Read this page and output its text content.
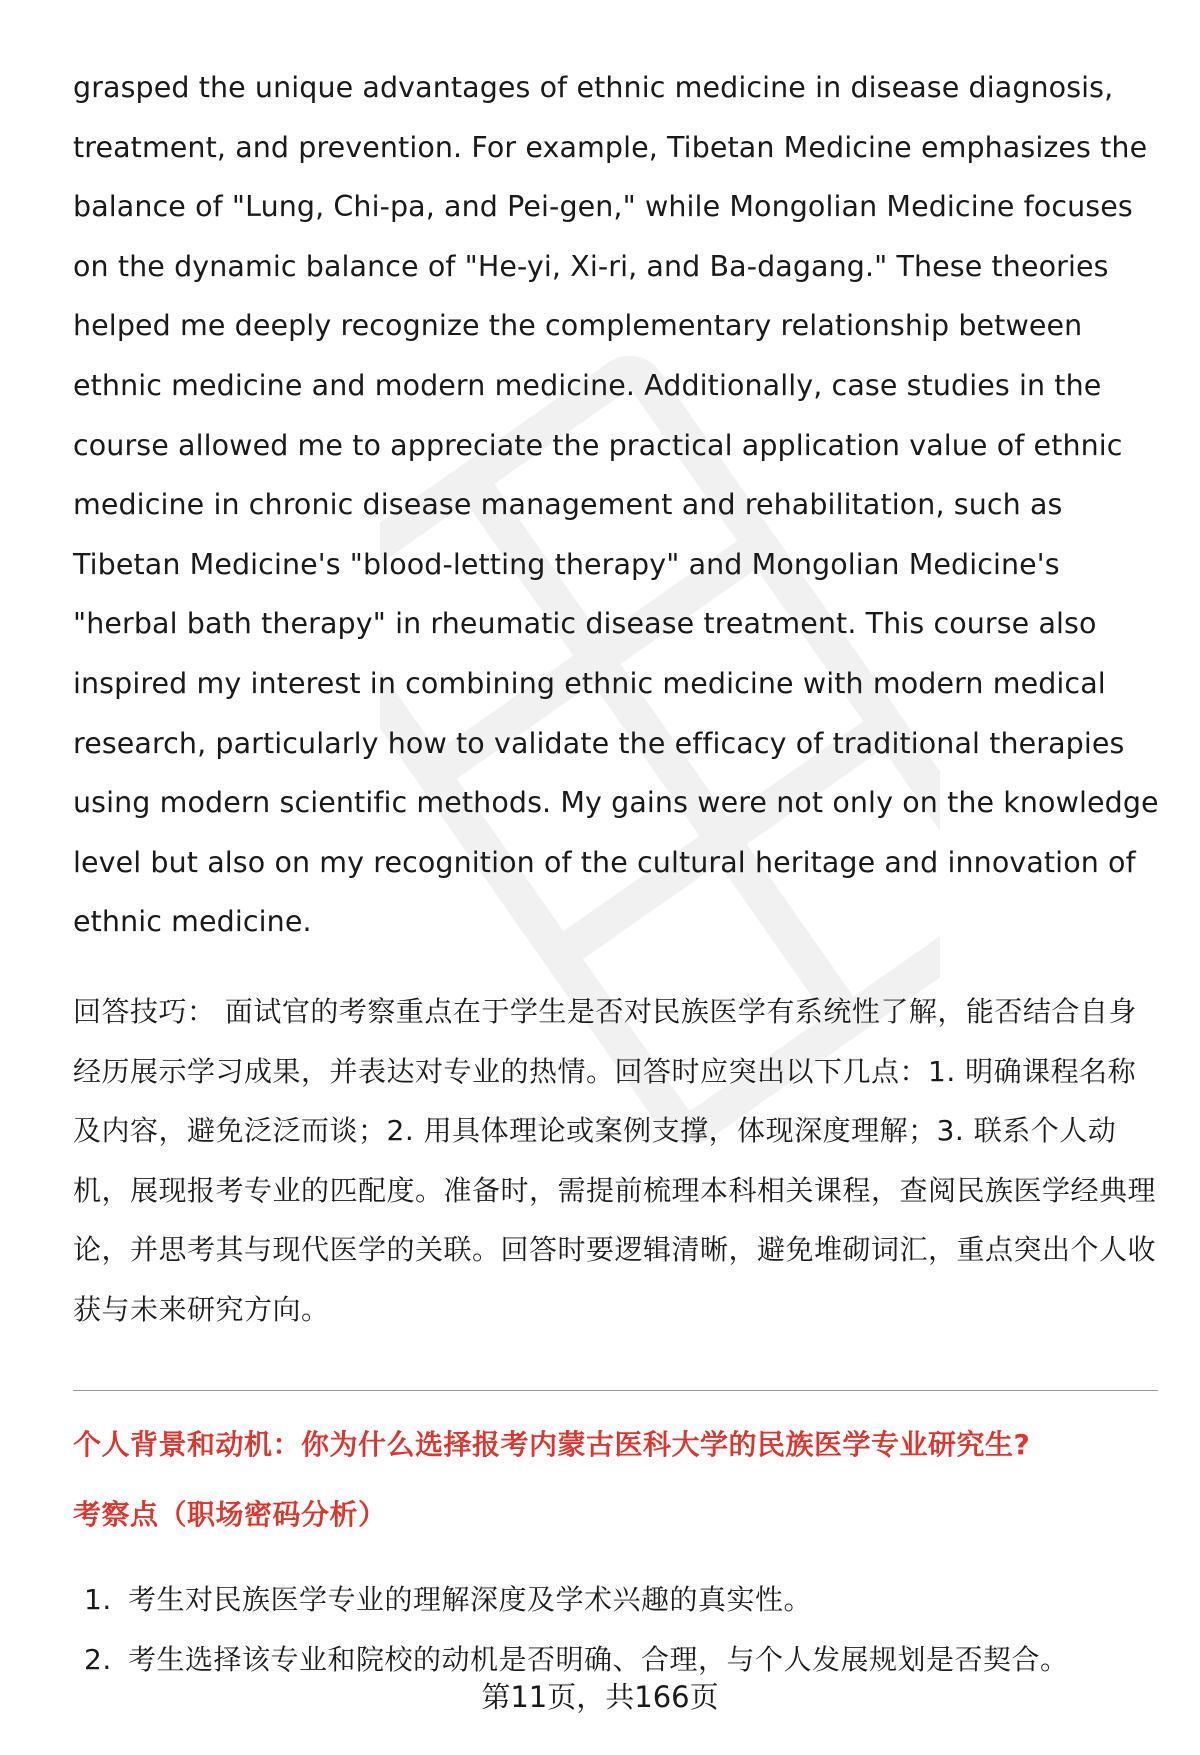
grasped the unique advantages of ethnic medicine in disease diagnosis, treatment, and prevention. For example, Tibetan Medicine emphasizes the balance of "Lung, Chi-pa, and Pei-gen," while Mongolian Medicine focuses on the dynamic balance of "He-yi, Xi-ri, and Ba-dagang." These theories helped me deeply recognize the complementary relationship between ethnic medicine and modern medicine. Additionally, case studies in the course allowed me to appreciate the practical application value of ethnic medicine in chronic disease management and rehabilitation, such as Tibetan Medicine's "blood-letting therapy" and Mongolian Medicine's "herbal bath therapy" in rheumatic disease treatment. This course also inspired my interest in combining ethnic medicine with modern medical research, particularly how to validate the efficacy of traditional therapies using modern scientific methods. My gains were not only on the knowledge level but also on my recognition of the cultural heritage and innovation of ethnic medicine.

回答技巧： 面试官的考察重点在于学生是否对民族医学有系统性了解，能否结合自身经历展示学习成果，并表达对专业的热情。回答时应突出以下几点：1. 明确课程名称及内容，避免泛泛而谈；2. 用具体理论或案例支撑，体现深度理解；3. 联系个人动机，展现报考专业的匹配度。准备时，需提前梳理本科相关课程，查阅民族医学经典理论，并思考其与现代医学的关联。回答时要逻辑清晰，避免堆砌词汇，重点突出个人收获与未来研究方向。

个人背景和动机：你为什么选择报考内蒙古医科大学的民族医学专业研究生?
考察点（职场密码分析）
1. 考生对民族医学专业的理解深度及学术兴趣的真实性。
2. 考生选择该专业和院校的动机是否明确、合理，与个人发展规划是否契合。
第11页，共166页
